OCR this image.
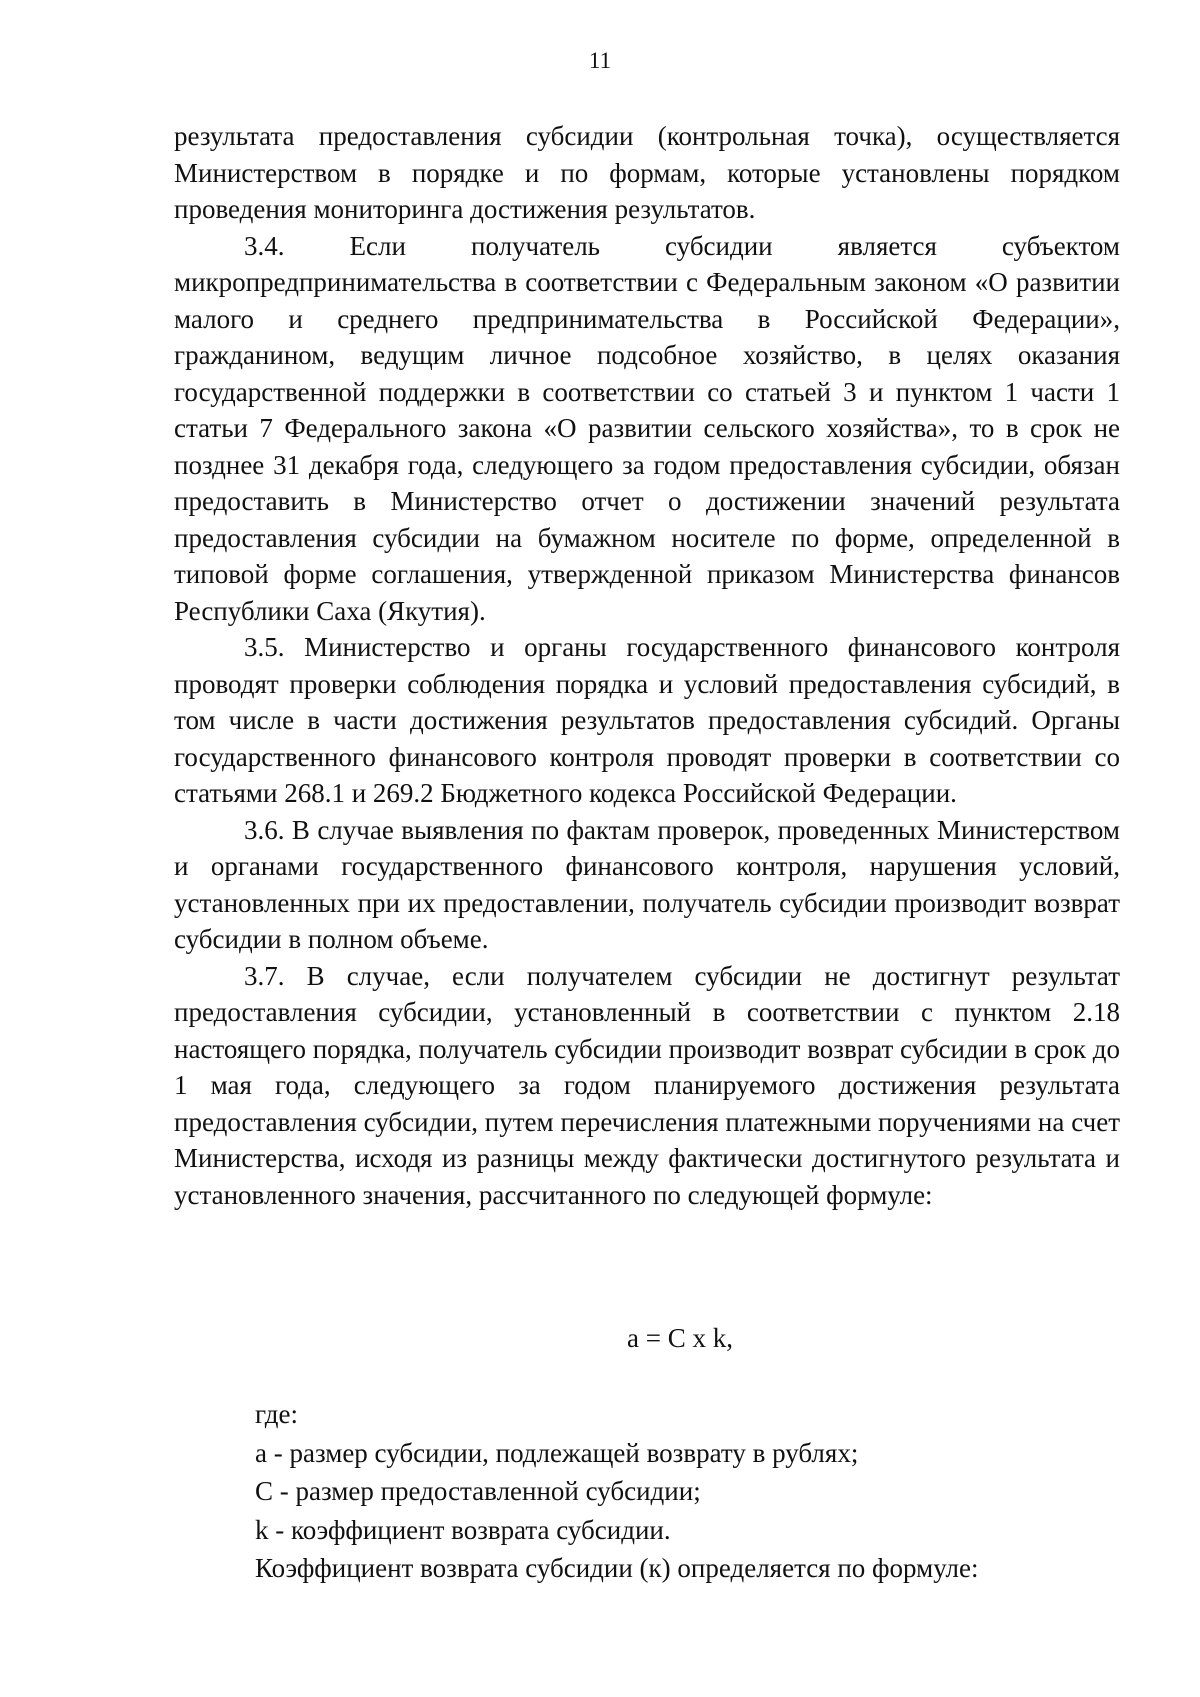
11

результата предоставления субсидии (контрольная точка), осуществляется Министерством в порядке и по формам, которые установлены порядком проведения мониторинга достижения результатов.

3.4. Если получатель субсидии является субъектом микропредпринимательства в соответствии с Федеральным законом «О развитии малого и среднего предпринимательства в Российской Федерации», гражданином, ведущим личное подсобное хозяйство, в целях оказания государственной поддержки в соответствии со статьей 3 и пунктом 1 части 1 статьи 7 Федерального закона «О развитии сельского хозяйства», то в срок не позднее 31 декабря года, следующего за годом предоставления субсидии, обязан предоставить в Министерство отчет о достижении значений результата предоставления субсидии на бумажном носителе по форме, определенной в типовой форме соглашения, утвержденной приказом Министерства финансов Республики Саха (Якутия).

3.5. Министерство и органы государственного финансового контроля проводят проверки соблюдения порядка и условий предоставления субсидий, в том числе в части достижения результатов предоставления субсидий. Органы государственного финансового контроля проводят проверки в соответствии со статьями 268.1 и 269.2 Бюджетного кодекса Российской Федерации.

3.6. В случае выявления по фактам проверок, проведенных Министерством и органами государственного финансового контроля, нарушения условий, установленных при их предоставлении, получатель субсидии производит возврат субсидии в полном объеме.

3.7. В случае, если получателем субсидии не достигнут результат предоставления субсидии, установленный в соответствии с пунктом 2.18 настоящего порядка, получатель субсидии производит возврат субсидии в срок до 1 мая года, следующего за годом планируемого достижения результата предоставления субсидии, путем перечисления платежными поручениями на счет Министерства, исходя из разницы между фактически достигнутого результата и установленного значения, рассчитанного по следующей формуле:

a = C x k,

где:

a - размер субсидии, подлежащей возврату в рублях;

C - размер предоставленной субсидии;

k - коэффициент возврата субсидии.

Коэффициент возврата субсидии (к) определяется по формуле:
